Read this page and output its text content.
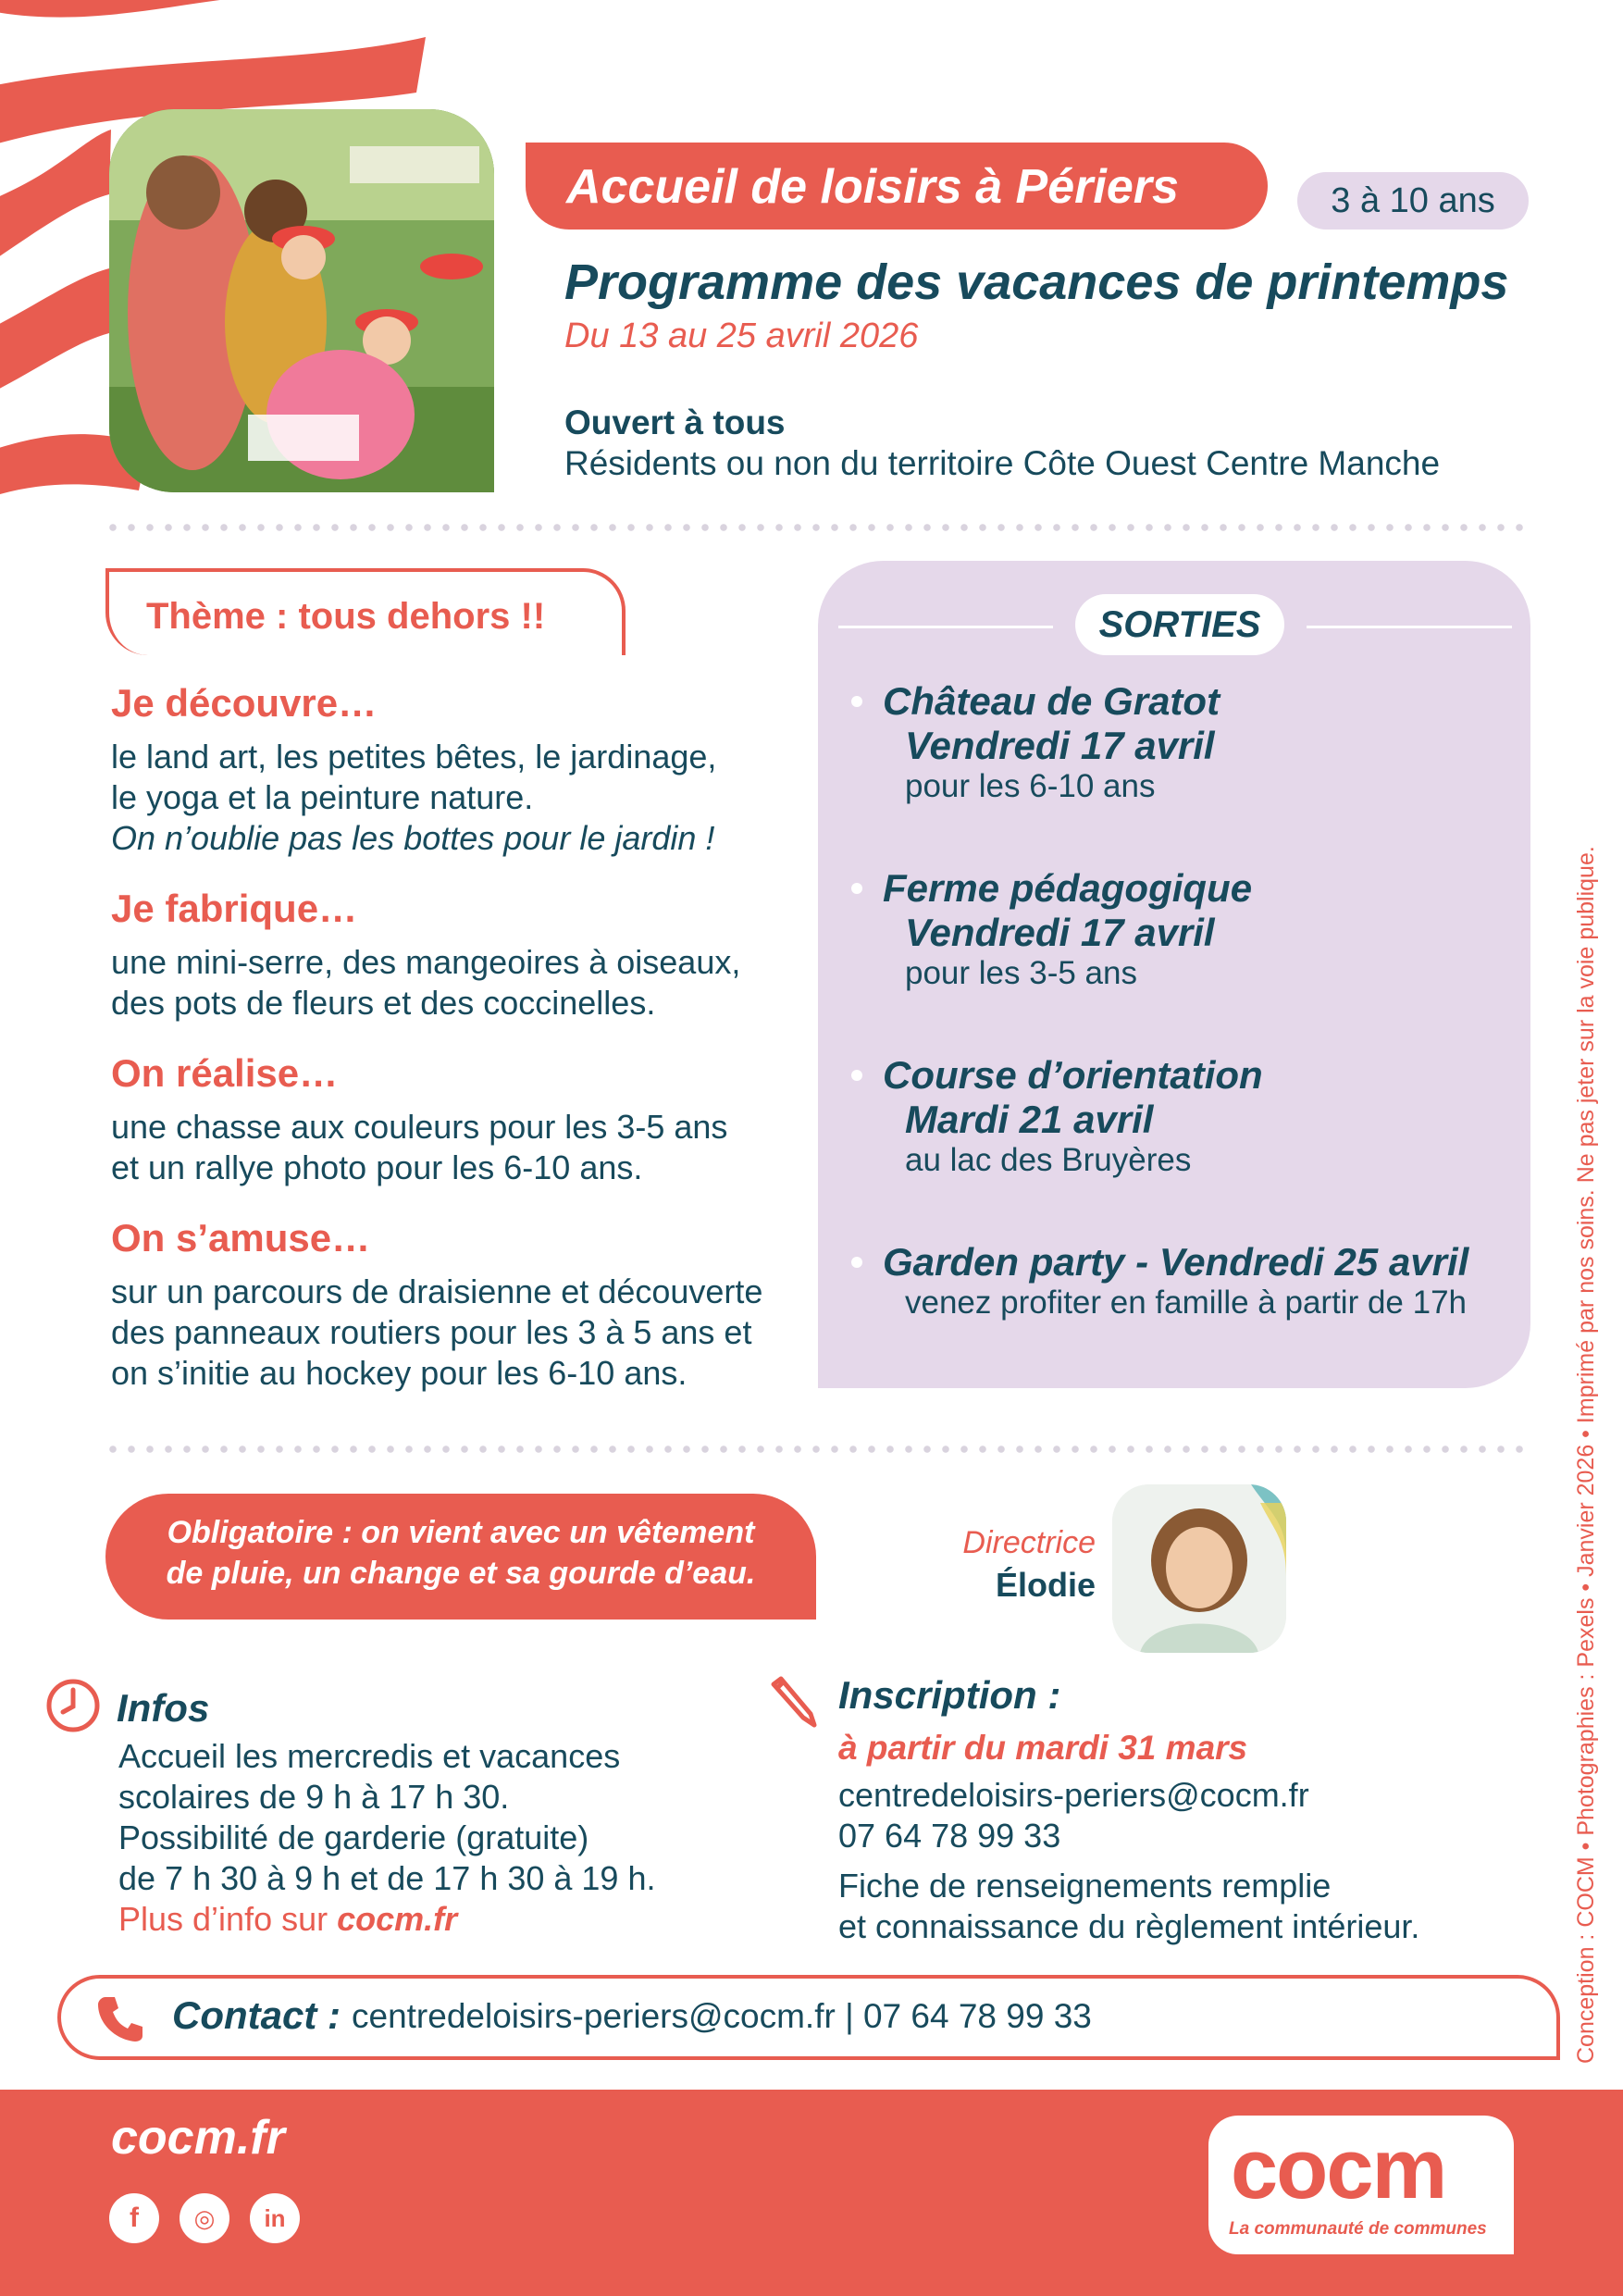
Accueil de loisirs à Périers	3 à 10 ans
Programme des vacances de printemps
Du 13 au 25 avril 2026
Ouvert à tous
Résidents ou non du territoire Côte Ouest Centre Manche
Thème : tous dehors !!
Je découvre…
le land art, les petites bêtes, le jardinage,
le yoga et la peinture nature.
On n’oublie pas les bottes pour le jardin !
Je fabrique…
une mini-serre, des mangeoires à oiseaux,
des pots de fleurs et des coccinelles.
On réalise…
une chasse aux couleurs pour les 3-5 ans
et un rallye photo pour les 6-10 ans.
On s’amuse…
sur un parcours de draisienne et découverte
des panneaux routiers pour les 3 à 5 ans et
on s’initie au hockey pour les 6-10 ans.
SORTIES
Château de Gratot
Vendredi 17 avril
pour les 6-10 ans
Ferme pédagogique
Vendredi 17 avril
pour les 3-5 ans
Course d’orientation
Mardi 21 avril
au lac des Bruyères
Garden party - Vendredi 25 avril
venez profiter en famille à partir de 17h
Obligatoire : on vient avec un vêtement
de pluie, un change et sa gourde d’eau.
Directrice
Élodie
Infos
Accueil les mercredis et vacances
scolaires de 9 h à 17 h 30.
Possibilité de garderie (gratuite)
de 7 h 30 à 9 h et de 17 h 30 à 19 h.
Plus d’info sur cocm.fr
Inscription :
à partir du mardi 31 mars
centredeloisirs-periers@cocm.fr
07 64 78 99 33
Fiche de renseignements remplie
et connaissance du règlement intérieur.
Contact : centredeloisirs-periers@cocm.fr | 07 64 78 99 33
cocm.fr
f	◎	in
cocm
La communauté de communes
Conception : COCM • Photographies : Pexels • Janvier 2026 • Imprimé par nos soins. Ne pas jeter sur la voie publique.
